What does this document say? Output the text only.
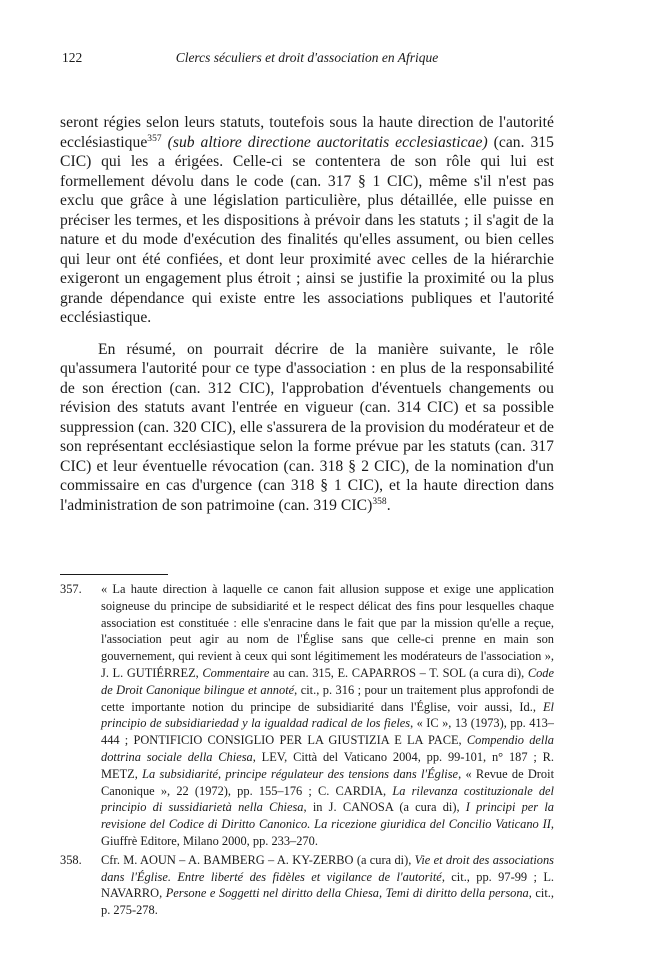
122	Clercs séculiers et droit d'association en Afrique

seront régies selon leurs statuts, toutefois sous la haute direction de l'autorité ecclésiastique$^{357}$ (sub altiore directione auctoritatis ecclesiasticae) (can. 315 CIC) qui les a érigées. Celle-ci se contentera de son rôle qui lui est formellement dévolu dans le code (can. 317 § 1 CIC), même s'il n'est pas exclu que grâce à une législation particulière, plus détaillée, elle puisse en préciser les termes, et les dispositions à prévoir dans les statuts ; il s'agit de la nature et du mode d'exécution des finalités qu'elles assument, ou bien celles qui leur ont été confiées, et dont leur proximité avec celles de la hiérarchie exigeront un engagement plus étroit ; ainsi se justifie la proximité ou la plus grande dépendance qui existe entre les associations publiques et l'autorité ecclésiastique.

En résumé, on pourrait décrire de la manière suivante, le rôle qu'assumera l'autorité pour ce type d'association : en plus de la responsabilité de son érection (can. 312 CIC), l'approbation d'éventuels changements ou révision des statuts avant l'entrée en vigueur (can. 314 CIC) et sa possible suppression (can. 320 CIC), elle s'assurera de la provision du modérateur et de son représentant ecclésiastique selon la forme prévue par les statuts (can. 317 CIC) et leur éventuelle révocation (can. 318 § 2 CIC), de la nomination d'un commissaire en cas d'urgence (can 318 § 1 CIC), et la haute direction dans l'administration de son patrimoine (can. 319 CIC)$^{358}$.

357. « La haute direction à laquelle ce canon fait allusion suppose et exige une application soigneuse du principe de subsidiarité et le respect délicat des fins pour lesquelles chaque association est constituée : elle s'enracine dans le fait que par la mission qu'elle a reçue, l'association peut agir au nom de l'Église sans que celle-ci prenne en main son gouvernement, qui revient à ceux qui sont légitimement les modérateurs de l'association », J. L. GUTIÉRREZ, Commentaire au can. 315, E. CAPARROS – T. SOL (a cura di), Code de Droit Canonique bilingue et annoté, cit., p. 316 ; pour un traitement plus approfondi de cette importante notion du principe de subsidiarité dans l'Église, voir aussi, Id., El principio de subsidiariedad y la igualdad radical de los fieles, « IC », 13 (1973), pp. 413–444 ; PONTIFICIO CONSIGLIO PER LA GIUSTIZIA E LA PACE, Compendio della dottrina sociale della Chiesa, LEV, Città del Vaticano 2004, pp. 99-101, n° 187 ; R. METZ, La subsidiarité, principe régulateur des tensions dans l'Église, « Revue de Droit Canonique », 22 (1972), pp. 155–176 ; C. CARDIA, La rilevanza costituzionale del principio di sussidiarietà nella Chiesa, in J. CANOSA (a cura di), I principi per la revisione del Codice di Diritto Canonico. La ricezione giuridica del Concilio Vaticano II, Giuffrè Editore, Milano 2000, pp. 233–270.

358. Cfr. M. AOUN – A. BAMBERG – A. KY-ZERBO (a cura di), Vie et droit des associations dans l'Église. Entre liberté des fidèles et vigilance de l'autorité, cit., pp. 97-99 ; L. NAVARRO, Persone e Soggetti nel diritto della Chiesa, Temi di diritto della persona, cit., p. 275-278.
